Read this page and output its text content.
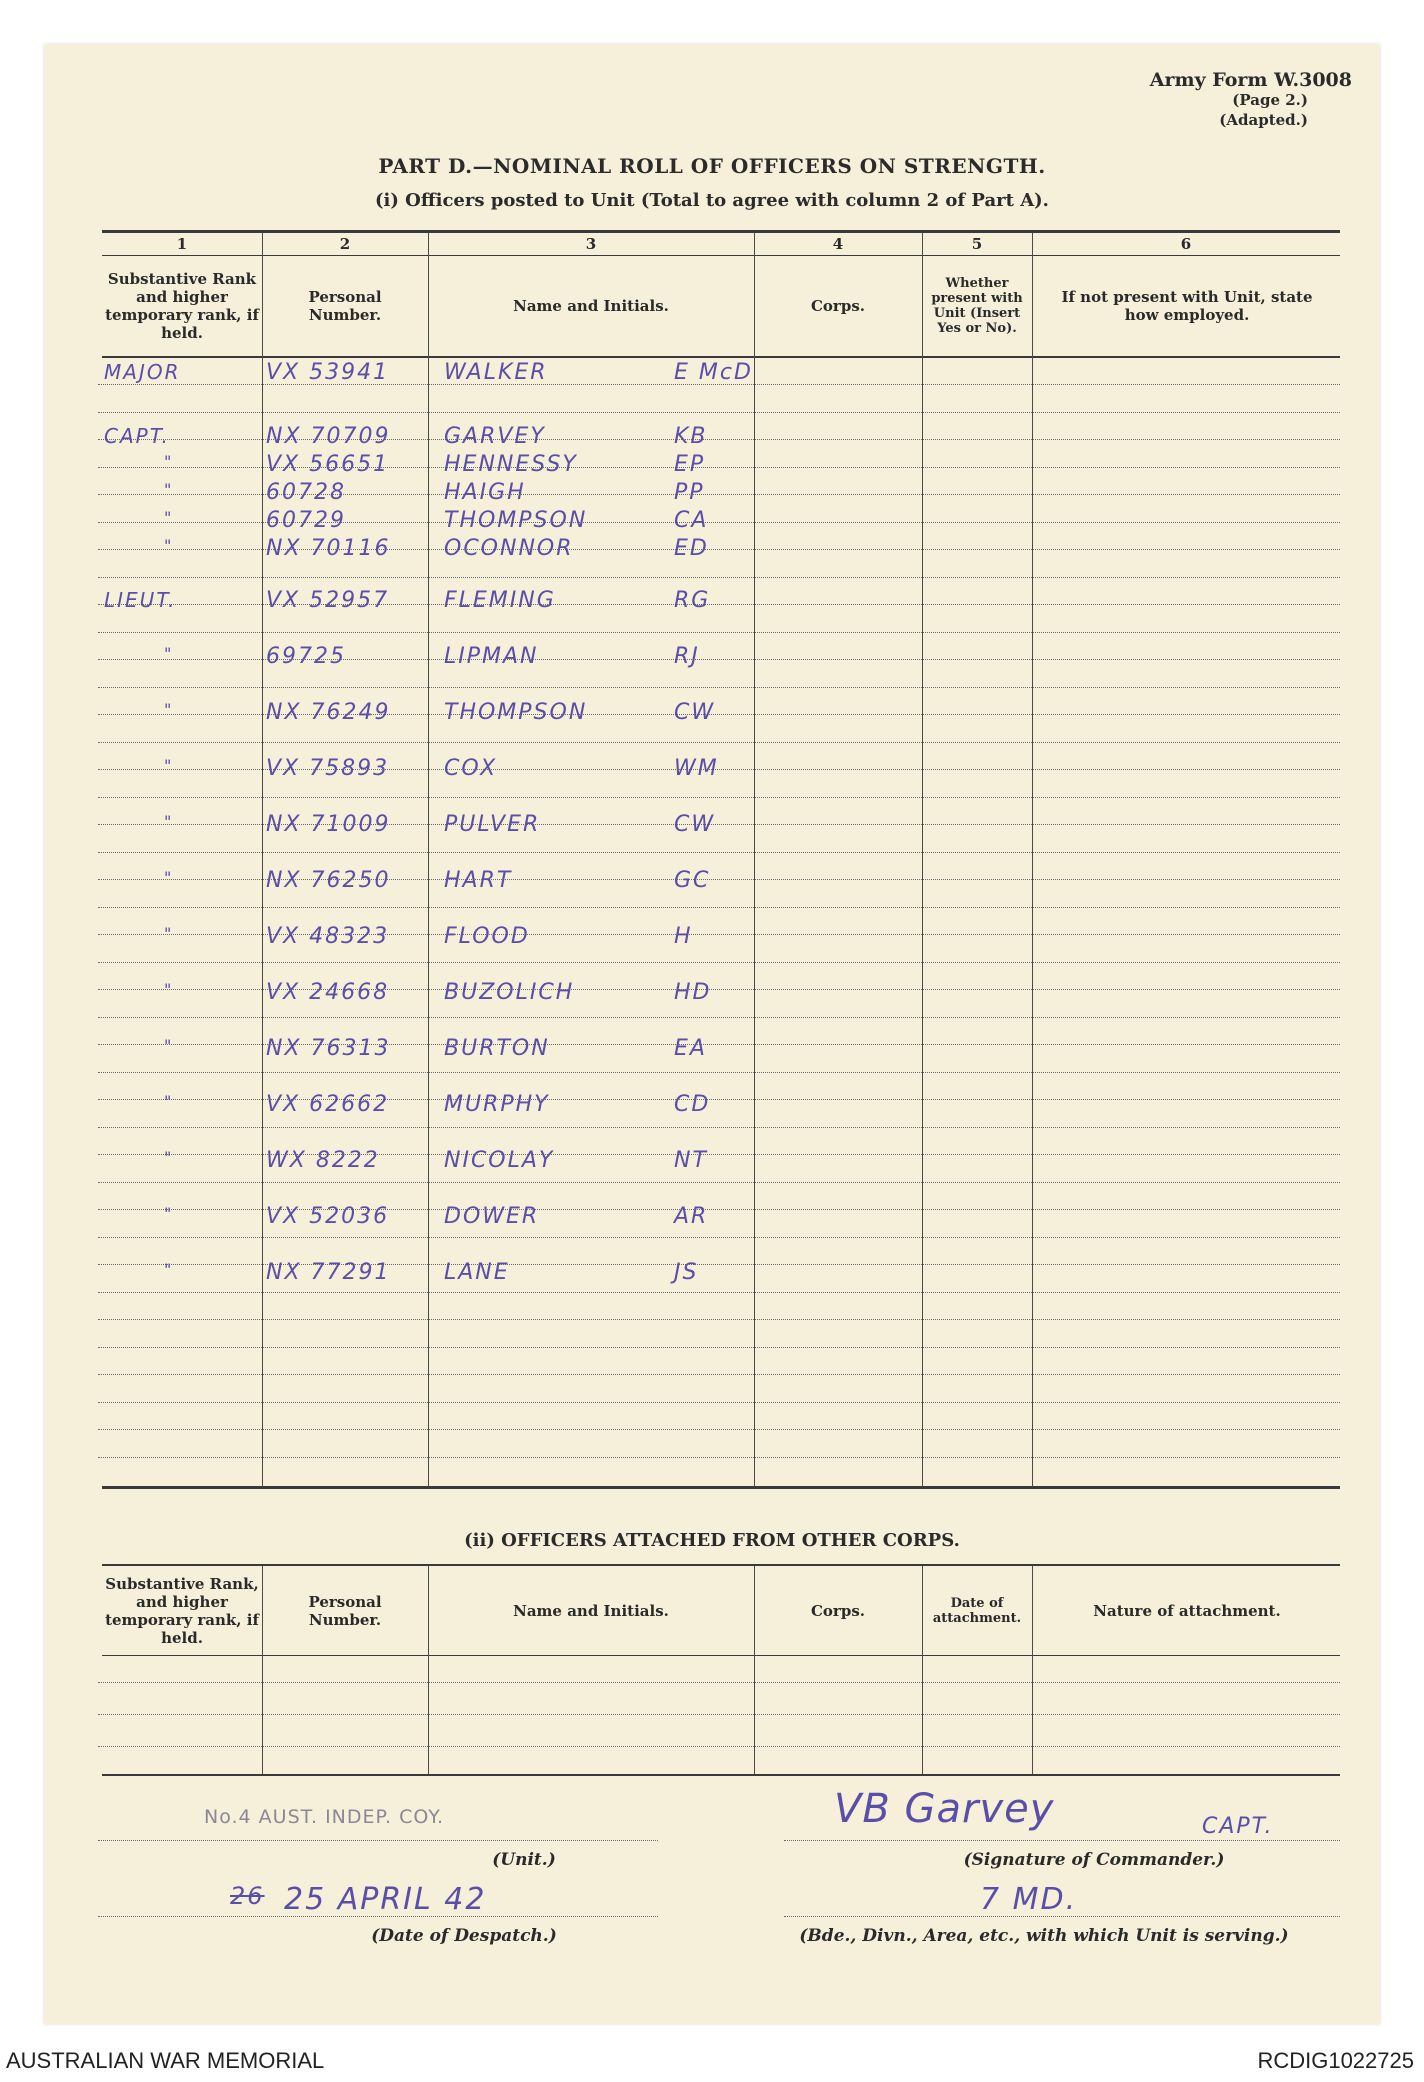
Army Form W.3008
(Page 2.)
(Adapted.)
PART D.—NOMINAL ROLL OF OFFICERS ON STRENGTH.
(i) Officers posted to Unit (Total to agree with column 2 of Part A).
1	2	3	4	5	6
Substantive Rank and higher temporary rank, if held.
Personal Number.	Name and Initials.	Corps.
Whether present with Unit (Insert Yes or No).
If not present with Unit, state how employed.
MAJOR	VX 53941 WALKER	E McD
CAPT.	NX 70709 GARVEY	KB
"	VX 56651 HENNESSY	EP
"	60728	HAIGH	PP
"	60729	THOMPSON	CA
"	NX 70116 OCONNOR	ED
LIEUT.	VX 52957 FLEMING	RG
"	69725	LIPMAN	RJ
"	NX 76249 THOMPSON	CW
"	VX 75893 COX	WM
"	NX 71009 PULVER	CW
"	NX 76250 HART	GC
"	VX 48323 FLOOD	H
"	VX 24668 BUZOLICH	HD
"	NX 76313 BURTON	EA
"	VX 62662 MURPHY	CD
"	WX 8222	NICOLAY	NT
"	VX 52036 DOWER	AR
"	NX 77291 LANE	JS
(ii) OFFICERS ATTACHED FROM OTHER CORPS.
Substantive Rank, and higher temporary rank, if held.
Personal Number.	Name and Initials.	Corps.	Date of attachment.	Nature of attachment.
No.4 AUST. INDEP. COY.
(Unit.)
VB Garvey	CAPT.
(Signature of Commander.)
26 25 APRIL 42
(Date of Despatch.)
7 MD.
(Bde., Divn., Area, etc., with which Unit is serving.)
AUSTRALIAN WAR MEMORIAL	RCDIG1022725
